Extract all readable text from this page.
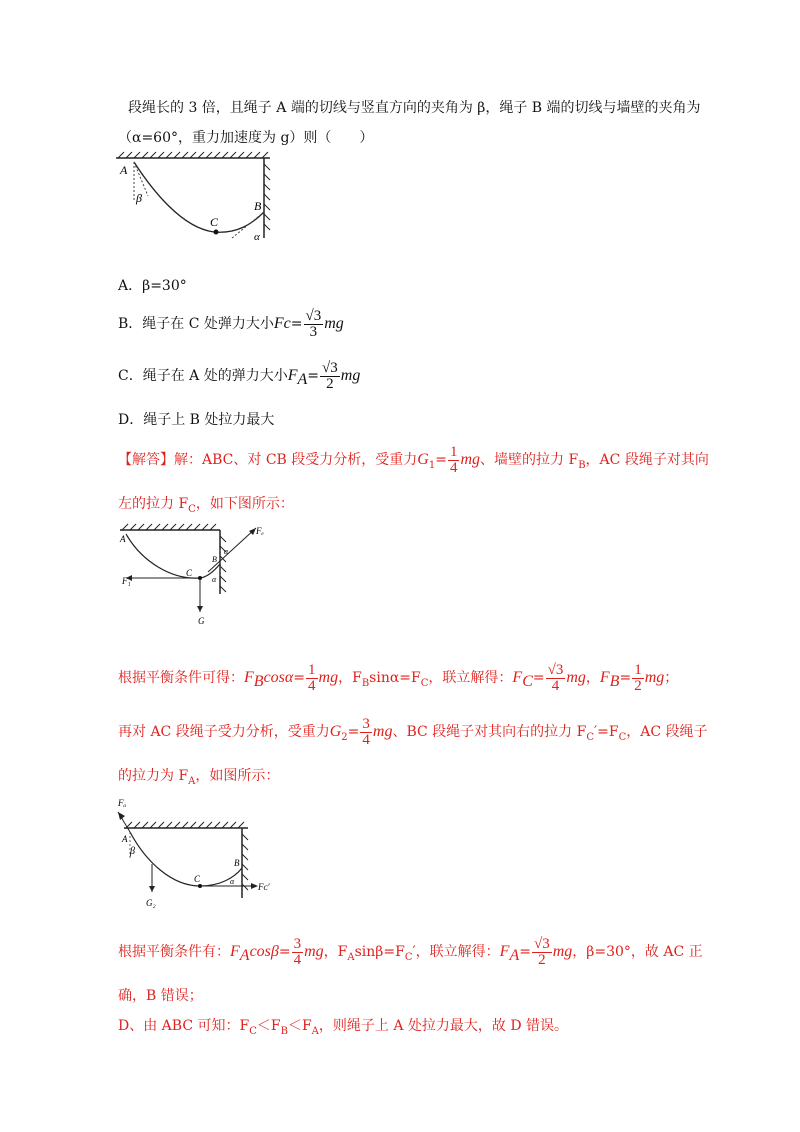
段绳长的 3 倍，且绳子 A 端的切线与竖直方向的夹角为 β，绳子 B 端的切线与墙壁的夹角为
（α=60°，重力加速度为 g）则（　　）
A
β
C
B
α
A．β=30°
B．绳子在 C 处弹力大小$Fc= \frac{√3}{3}$ mg
C．绳子在 A 处的弹力大小$F_A= \frac{√3}{2}$ mg
D．绳子上 B 处拉力最大
【解答】解：ABC、对 CB 段受力分析，受重力$G_1= \frac{1}{4}$ mg、墙壁的拉力 $F_B$，AC 段绳子对其向
左的拉力 $F_C$，如下图所示：
A
Fₑ
F₁
C
B
α
α
G
根据平衡条件可得：$F_B\cos\alpha= \frac{1}{4}$ mg，$F_B\sin\alpha=F_C$，联立解得：$F_C= \frac{√3}{4}$ mg，$F_B= \frac{1}{2}$ mg；
再对 AC 段绳子受力分析，受重力$G_2= \frac{3}{4}$ mg、BC 段绳子对其向右的拉力 $F_C'=F_C$，AC 段绳子
的拉力为 $F_A$，如图所示：
Fₐ
A
β
C
B
α
Fᴄ′
G₂
根据平衡条件有：$F_A\cos\beta= \frac{3}{4}$ mg，$F_A\sin\beta=F_C'$，联立解得：$F_A= \frac{√3}{2}$ mg，β=30°，故 AC 正
确，B 错误；
D、由 ABC 可知：$F_C<F_B<F_A$，则绳子上 A 处拉力最大，故 D 错误。
